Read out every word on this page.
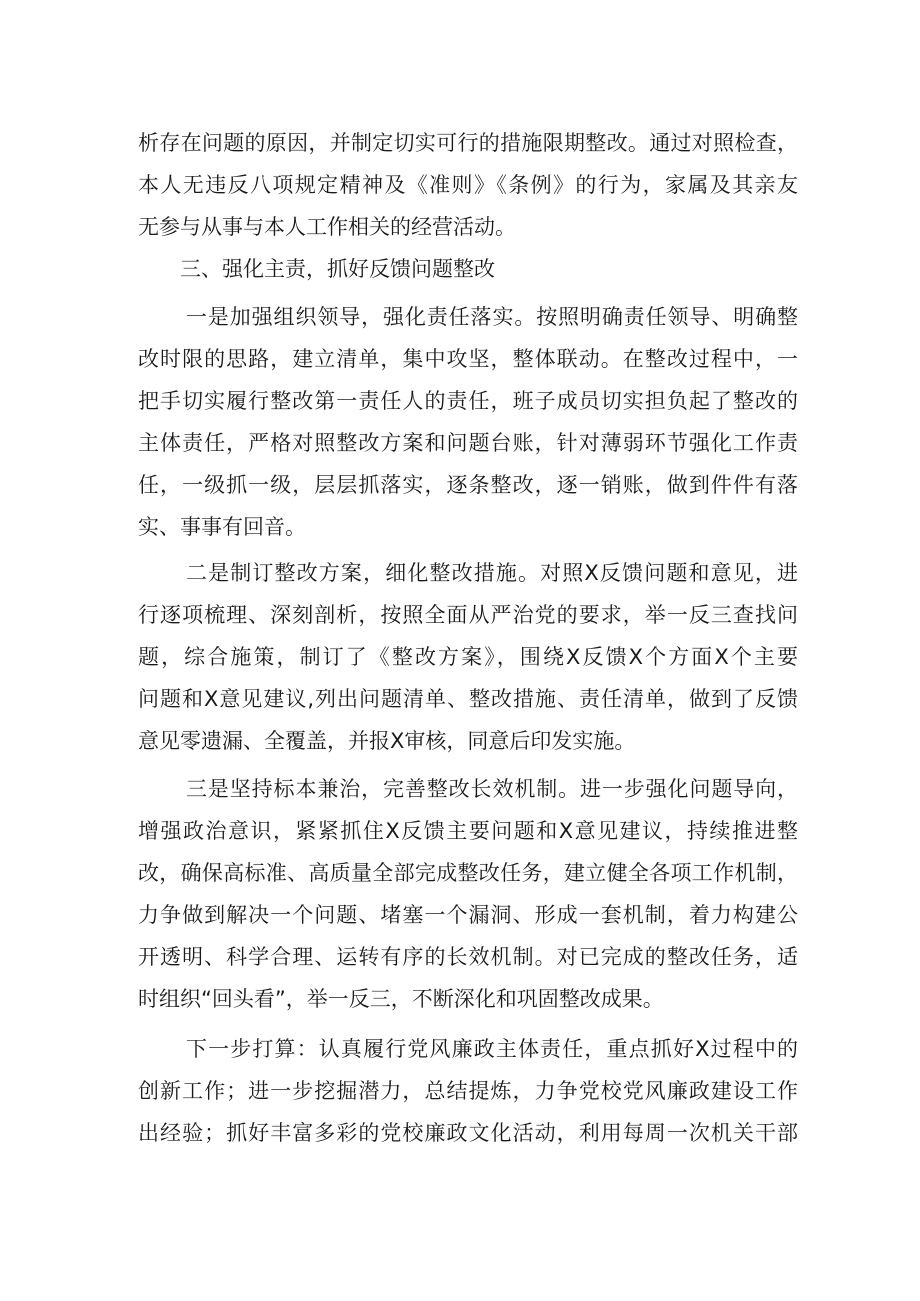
析存在问题的原因，并制定切实可行的措施限期整改。通过对照检查，
本人无违反八项规定精神及《准则》《条例》的行为，家属及其亲友
无参与从事与本人工作相关的经营活动。
三、强化主责，抓好反馈问题整改
一是加强组织领导，强化责任落实。按照明确责任领导、明确整
改时限的思路，建立清单，集中攻坚，整体联动。在整改过程中，一
把手切实履行整改第一责任人的责任，班子成员切实担负起了整改的
主体责任，严格对照整改方案和问题台账，针对薄弱环节强化工作责
任，一级抓一级，层层抓落实，逐条整改，逐一销账，做到件件有落
实、事事有回音。
二是制订整改方案，细化整改措施。对照X反馈问题和意见，进
行逐项梳理、深刻剖析，按照全面从严治党的要求，举一反三查找问
题，综合施策，制订了《整改方案》，围绕X反馈X个方面X个主要
问题和X意见建议,列出问题清单、整改措施、责任清单，做到了反馈
意见零遗漏、全覆盖，并报X审核，同意后印发实施。
三是坚持标本兼治，完善整改长效机制。进一步强化问题导向，
增强政治意识，紧紧抓住X反馈主要问题和X意见建议，持续推进整
改，确保高标准、高质量全部完成整改任务，建立健全各项工作机制，
力争做到解决一个问题、堵塞一个漏洞、形成一套机制，着力构建公
开透明、科学合理、运转有序的长效机制。对已完成的整改任务，适
时组织“回头看”，举一反三，不断深化和巩固整改成果。
下一步打算：认真履行党风廉政主体责任，重点抓好X过程中的
创新工作；进一步挖掘潜力，总结提炼，力争党校党风廉政建设工作
出经验；抓好丰富多彩的党校廉政文化活动，利用每周一次机关干部
